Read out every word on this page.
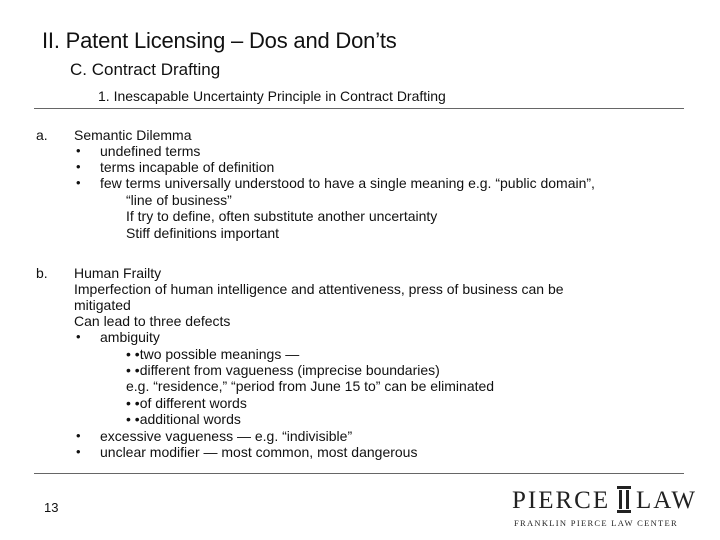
II. Patent Licensing – Dos and Don’ts
C. Contract Drafting
1. Inescapable Uncertainty Principle in Contract Drafting
a. Semantic Dilemma
• undefined terms
• terms incapable of definition
• few terms universally understood to have a single meaning e.g. “public domain”,
“line of business”
If try to define, often substitute another uncertainty
Stiff definitions important
b. Human Frailty
Imperfection of human intelligence and attentiveness, press of business can be
mitigated
Can lead to three defects
• ambiguity
• •two possible meanings —
• •different from vagueness (imprecise boundaries)
e.g. “residence,” “period from June 15 to” can be eliminated
• •of different words
• •additional words
• excessive vagueness — e.g. “indivisible”
• unclear modifier — most common, most dangerous
13	PIERCE LAW
FRANKLIN PIERCE LAW CENTER
